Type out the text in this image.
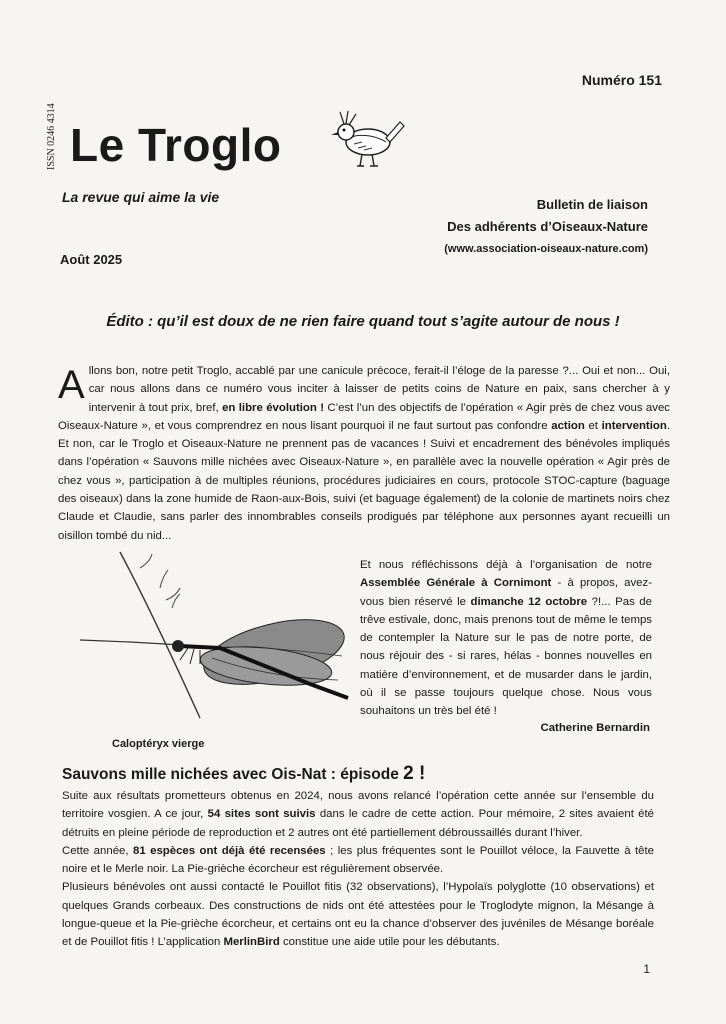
Numéro 151
ISSN 0246 4314 Le Troglo
La revue qui aime la vie	Bulletin de liaison
Des adhérents d’Oiseaux-Nature
(www.association-oiseaux-nature.com)
Août 2025
Édito : qu’il est doux de ne rien faire quand tout s’agite autour de nous !
Allons bon, notre petit Troglo, accablé par une canicule précoce, ferait-il l’éloge de la paresse ?... Oui et non... Oui, car nous allons dans ce numéro vous inciter à laisser de petits coins de Nature en paix, sans chercher à y intervenir à tout prix, bref, en libre évolution ! C’est l’un des objectifs de l’opération « Agir près de chez vous avec Oiseaux-Nature », et vous comprendrez en nous lisant pourquoi il ne faut surtout pas confondre action et intervention. Et non, car le Troglo et Oiseaux-Nature ne prennent pas de vacances ! Suivi et encadrement des bénévoles impliqués dans l’opération « Sauvons mille nichées avec Oiseaux-Nature », en parallèle avec la nouvelle opération « Agir près de chez vous », participation à de multiples réunions, procédures judiciaires en cours, protocole STOC-capture (baguage des oiseaux) dans la zone humide de Raon-aux-Bois, suivi (et baguage également) de la colonie de martinets noirs chez Claude et Claudie, sans parler des innombrables conseils prodigués par téléphone aux personnes ayant recueilli un oisillon tombé du nid...
Et nous réfléchissons déjà à l’organisation de notre Assemblée Générale à Cornimont - à propos, avez-vous bien réservé le dimanche 12 octobre ?!... Pas de trêve estivale, donc, mais prenons tout de même le temps de contempler la Nature sur le pas de notre porte, de nous réjouir des - si rares, hélas - bonnes nouvelles en matière d’environnement, et de musarder dans le jardin, où il se passe toujours quelque chose. Nous vous souhaitons un très bel été !
Catherine Bernardin
Caloptéryx vierge
Sauvons mille nichées avec Ois-Nat : épisode 2 !
Suite aux résultats prometteurs obtenus en 2024, nous avons relancé l’opération cette année sur l’ensemble du territoire vosgien. A ce jour, 54 sites sont suivis dans le cadre de cette action. Pour mémoire, 2 sites avaient été détruits en pleine période de reproduction et 2 autres ont été partiellement débroussaillés durant l’hiver.
Cette année, 81 espèces ont déjà été recensées ; les plus fréquentes sont le Pouillot véloce, la Fauvette à tête noire et le Merle noir. La Pie-grièche écorcheur est régulièrement observée.
Plusieurs bénévoles ont aussi contacté le Pouillot fitis (32 observations), l’Hypolaïs polyglotte (10 observations) et quelques Grands corbeaux. Des constructions de nids ont été attestées pour le Troglodyte mignon, la Mésange à longue-queue et la Pie-grièche écorcheur, et certains ont eu la chance d’observer des juvéniles de Mésange boréale et de Pouillot fitis ! L’application MerlinBird constitue une aide utile pour les débutants.
1
